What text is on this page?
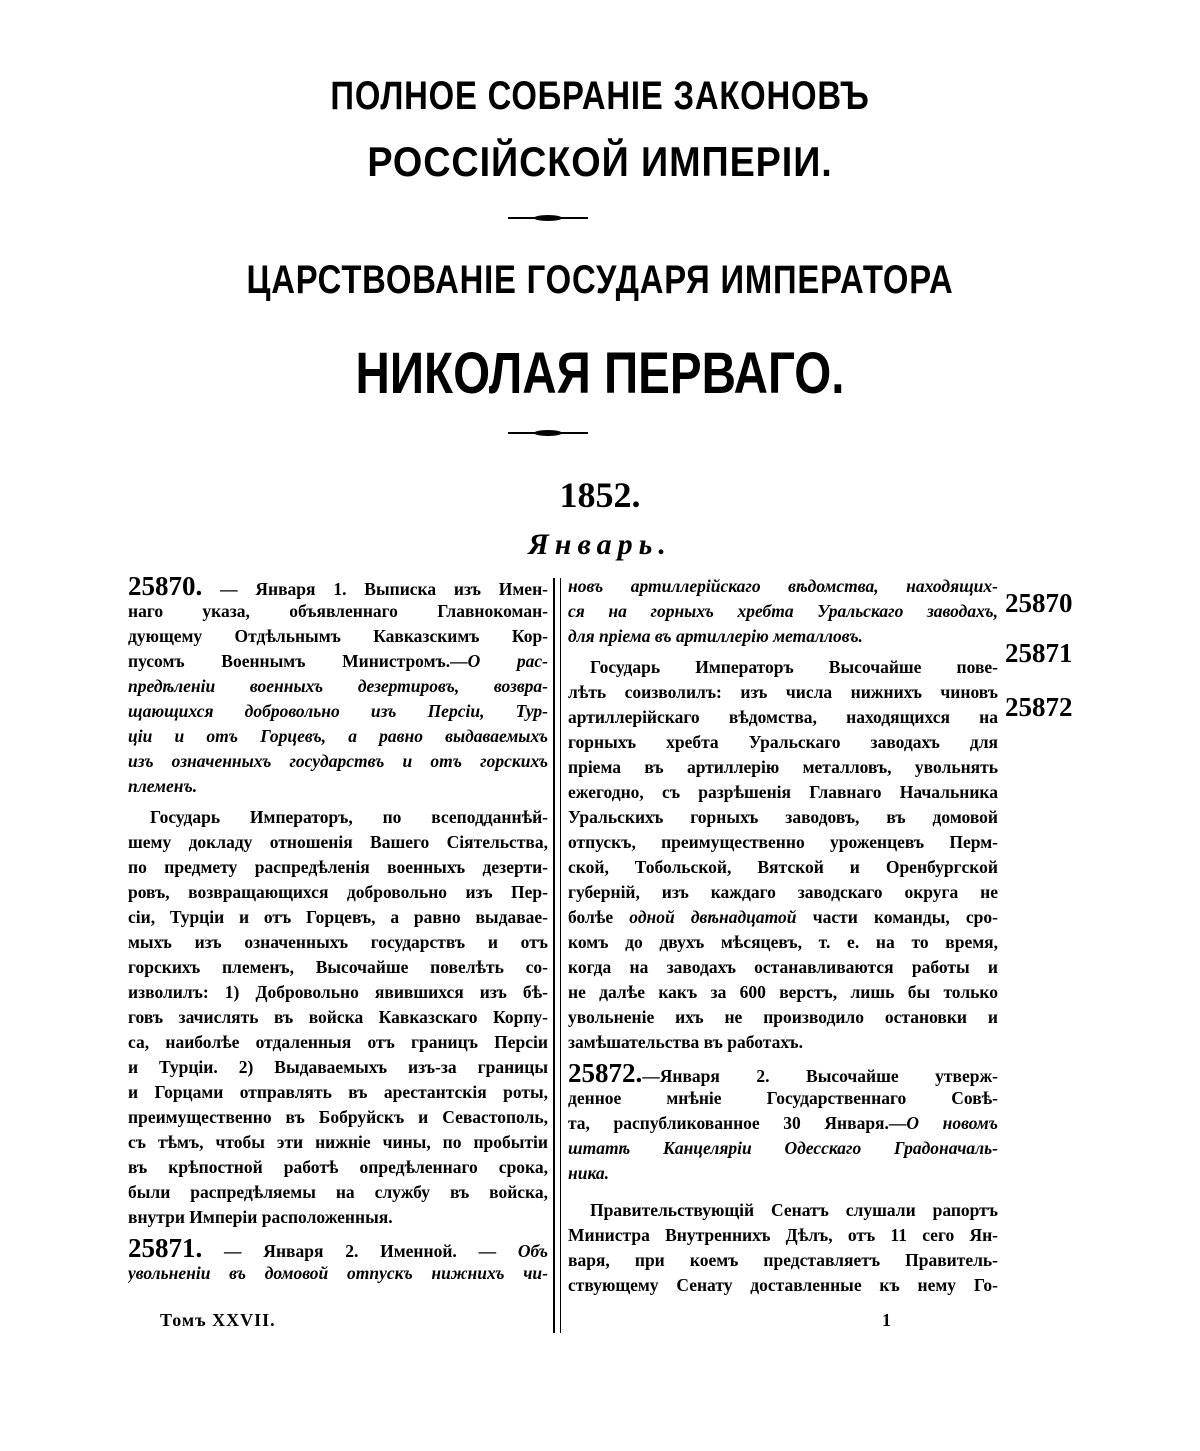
ПОЛНОЕ СОБРАНІЕ ЗАКОНОВЪ
РОССІЙСКОЙ ИМПЕРІИ.
ЦАРСТВОВАНІЕ ГОСУДАРЯ ИМПЕРАТОРА
НИКОЛАЯ ПЕРВАГО.
1852.
Январь.
25870. — Января 1. Выписка изъ Имен-
наго указа, объявленнаго Главнокоман-
дующему Отдѣльнымъ Кавказскимъ Кор-
пусомъ Военнымъ Министромъ.—О рас-
предѣленіи военныхъ дезертировъ, возвра-
щающихся добровольно изъ Персіи, Тур-
ціи и отъ Горцевъ, а равно выдаваемыхъ
изъ означенныхъ государствъ и отъ горскихъ
племенъ.
Государь Императоръ, по всеподданнѣй-
шему докладу отношенія Вашего Сіятельства,
по предмету распредѣленія военныхъ дезерти-
ровъ, возвращающихся добровольно изъ Пер-
сіи, Турціи и отъ Горцевъ, а равно выдавае-
мыхъ изъ означенныхъ государствъ и отъ
горскихъ племенъ, Высочайше повелѣть со-
изволилъ: 1) Добровольно явившихся изъ бѣ-
говъ зачислять въ войска Кавказскаго Корпу-
са, наиболѣе отдаленныя отъ границъ Персіи
и Турціи. 2) Выдаваемыхъ изъ-за границы
и Горцами отправлять въ арестантскія роты,
преимущественно въ Бобруйскъ и Севастополь,
съ тѣмъ, чтобы эти нижніе чины, по пробытіи
въ крѣпостной работѣ опредѣленнаго срока,
были распредѣляемы на службу въ войска,
внутри Имперіи расположенныя.
25871. — Января 2. Именной. — Объ
увольненіи въ домовой отпускъ нижнихъ чи-
новъ артиллерійскаго вѣдомства, находящих-
ся на горныхъ хребта Уральскаго заводахъ,
для пріема въ артиллерію металловъ.
Государь Императоръ Высочайше пове-
лѣть соизволилъ: изъ числа нижнихъ чиновъ
артиллерійскаго вѣдомства, находящихся на
горныхъ хребта Уральскаго заводахъ для
пріема въ артиллерію металловъ, увольнять
ежегодно, съ разрѣшенія Главнаго Начальника
Уральскихъ горныхъ заводовъ, въ домовой
отпускъ, преимущественно уроженцевъ Перм-
ской, Тобольской, Вятской и Оренбургской
губерній, изъ каждаго заводскаго округа не
болѣе одной двѣнадцатой части команды, сро-
комъ до двухъ мѣсяцевъ, т. е. на то время,
когда на заводахъ останавливаются работы и
не далѣе какъ за 600 верстъ, лишь бы только
увольненіе ихъ не производило остановки и
замѣшательства въ работахъ.
25872.—Января 2. Высочайше утверж-
денное мнѣніе Государственнаго Совѣ-
та, распубликованное 30 Января.—О новомъ
штатѣ Канцеляріи Одесскаго Градоначаль-
ника.
Правительствующій Сенатъ слушали рапортъ
Министра Внутреннихъ Дѣлъ, отъ 11 сего Ян-
варя, при коемъ представляетъ Правитель-
ствующему Сенату доставленные къ нему Го-
25870
25871
25872
Томъ XXVII.	1
